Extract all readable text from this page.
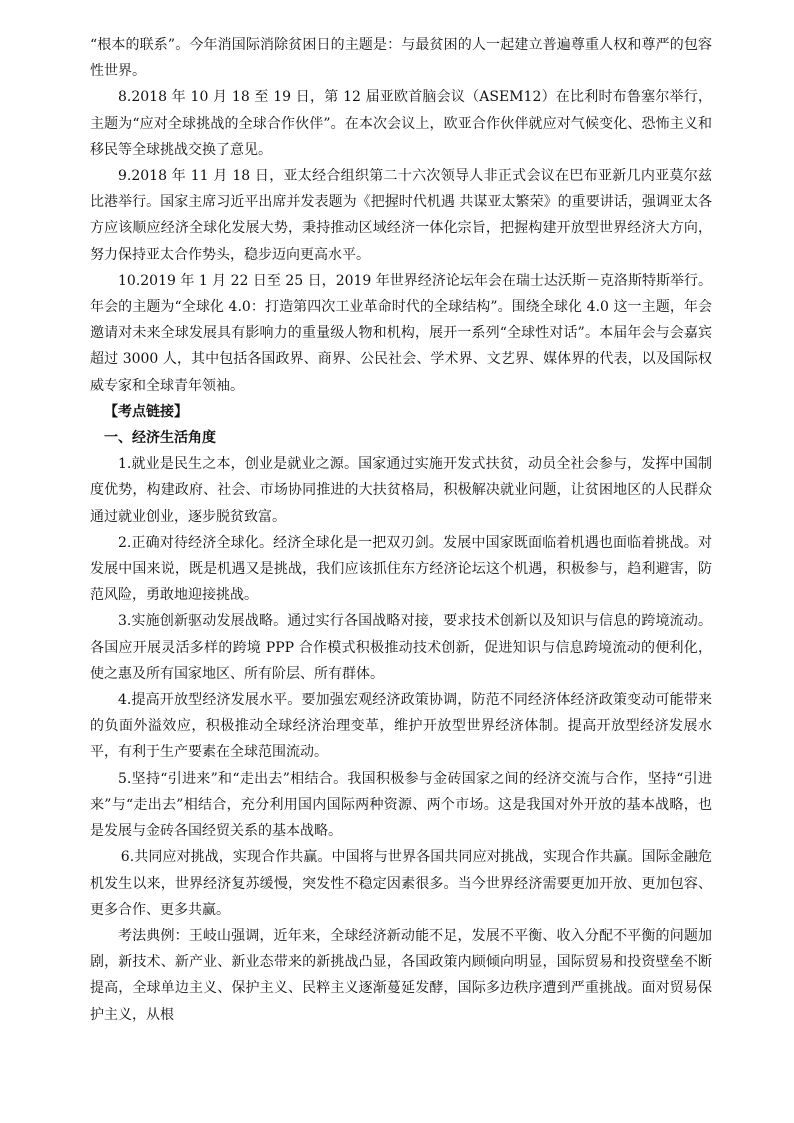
“根本的联系”。今年消国际消除贫困日的主题是：与最贫困的人一起建立普遍尊重人权和尊严的包容性世界。

8.2018 年 10 月 18 至 19 日，第 12 届亚欧首脑会议（ASEM12）在比利时布鲁塞尔举行，主题为“应对全球挑战的全球合作伙伴”。在本次会议上，欧亚合作伙伴就应对气候变化、恐怖主义和移民等全球挑战交换了意见。

9.2018 年 11 月 18 日，亚太经合组织第二十六次领导人非正式会议在巴布亚新几内亚莫尔兹比港举行。国家主席习近平出席并发表题为《把握时代机遇 共谋亚太繁荣》的重要讲话，强调亚太各方应该顺应经济全球化发展大势，秉持推动区域经济一体化宗旨，把握构建开放型世界经济大方向，努力保持亚太合作势头，稳步迈向更高水平。

10.2019 年 1 月 22 日至 25 日，2019 年世界经济论坛年会在瑞士达沃斯－克洛斯特斯举行。年会的主题为“全球化 4.0：打造第四次工业革命时代的全球结构”。围绕全球化 4.0 这一主题，年会邀请对未来全球发展具有影响力的重量级人物和机构，展开一系列“全球性对话”。本届年会与会嘉宾超过 3000 人，其中包括各国政界、商界、公民社会、学术界、文艺界、媒体界的代表，以及国际权威专家和全球青年领袖。

【考点链接】

一、经济生活角度

1.就业是民生之本，创业是就业之源。国家通过实施开发式扶贫，动员全社会参与，发挥中国制度优势，构建政府、社会、市场协同推进的大扶贫格局，积极解决就业问题，让贫困地区的人民群众通过就业创业，逐步脱贫致富。

2.正确对待经济全球化。经济全球化是一把双刃剑。发展中国家既面临着机遇也面临着挑战。对发展中国来说，既是机遇又是挑战，我们应该抓住东方经济论坛这个机遇，积极参与，趋利避害，防范风险，勇敢地迎接挑战。

3.实施创新驱动发展战略。通过实行各国战略对接，要求技术创新以及知识与信息的跨境流动。各国应开展灵活多样的跨境 PPP 合作模式积极推动技术创新，促进知识与信息跨境流动的便利化，使之惠及所有国家地区、所有阶层、所有群体。

4.提高开放型经济发展水平。要加强宏观经济政策协调，防范不同经济体经济政策变动可能带来的负面外溢效应，积极推动全球经济治理变革，维护开放型世界经济体制。提高开放型经济发展水平，有利于生产要素在全球范围流动。

5.坚持“引进来”和“走出去”相结合。我国积极参与金砖国家之间的经济交流与合作，坚持“引进来”与“走出去”相结合，充分利用国内国际两种资源、两个市场。这是我国对外开放的基本战略，也是发展与金砖各国经贸关系的基本战略。

6.共同应对挑战，实现合作共赢。中国将与世界各国共同应对挑战，实现合作共赢。国际金融危机发生以来，世界经济复苏缓慢，突发性不稳定因素很多。当今世界经济需要更加开放、更加包容、更多合作、更多共赢。

考法典例：王岐山强调，近年来，全球经济新动能不足，发展不平衡、收入分配不平衡的问题加剧，新技术、新产业、新业态带来的新挑战凸显，各国政策内顾倾向明显，国际贸易和投资壁垒不断提高，全球单边主义、保护主义、民粹主义逐渐蔓延发酵，国际多边秩序遭到严重挑战。面对贸易保护主义，从根
